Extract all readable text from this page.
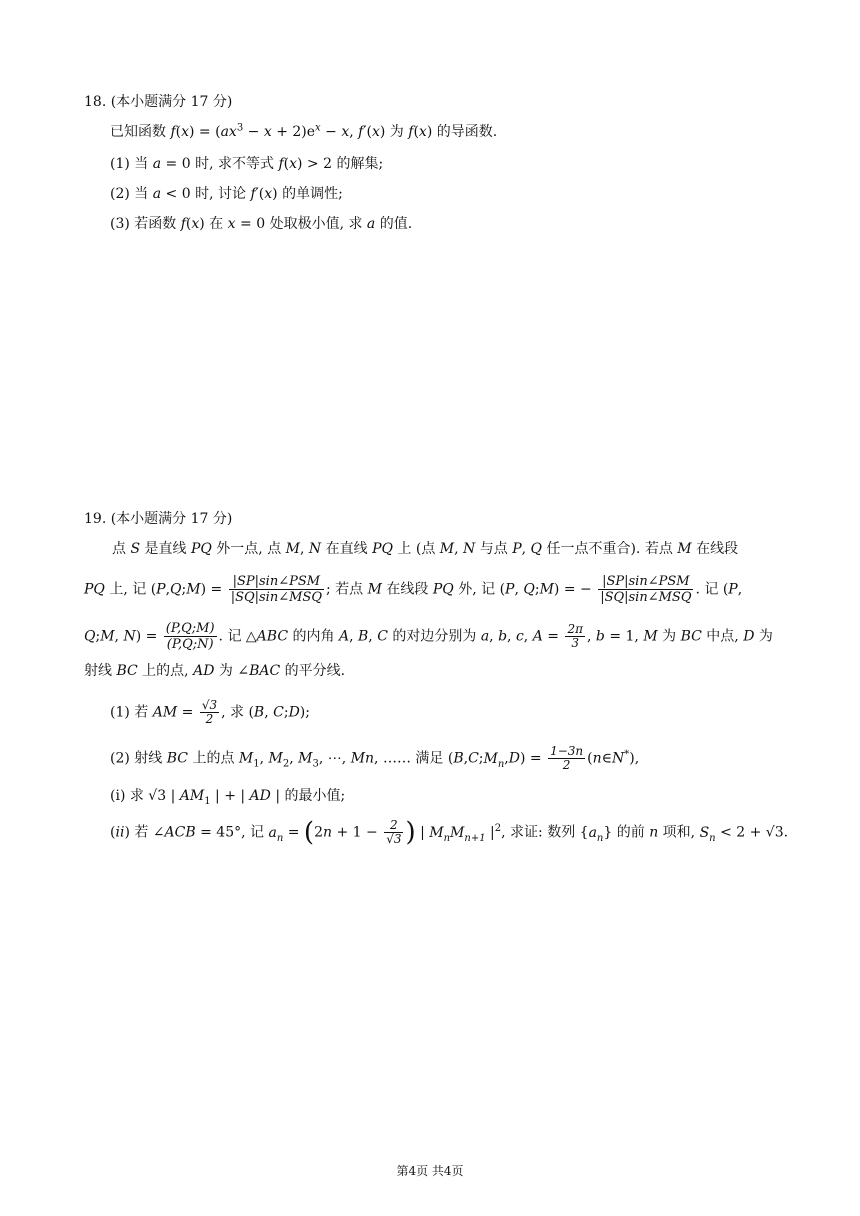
18. (本小题满分 17 分)
已知函数 $f(x) = (ax^3 - x + 2)e^x - x$, f′(x) 为 f(x) 的导函数.
(1) 当 a = 0 时, 求不等式 f(x) > 2 的解集;
(2) 当 a < 0 时, 讨论 f′(x) 的单调性;
(3) 若函数 f(x) 在 x = 0 处取极小值, 求 a 的值.
19. (本小题满分 17 分)
点 S 是直线 PQ 外一点, 点 M, N 在直线 PQ 上 (点 M, N 与点 P, Q 任一点不重合). 若点 M 在线段
PQ 上, 记 (P,Q;M) = $\frac{\text{|SP|sin∠PSM}}{\text{|SQ|sin∠MSQ}}$ ; 若点 M 在线段 PQ 外, 记 (P, Q;M) = − $\frac{\text{|SP|sin∠PSM}}{\text{|SQ|sin∠MSQ}}$ . 记 (P,
Q;M, $N) = \frac{(P,Q;M)}{(P,Q;N)}$ . 记 △ABC 的内角 A, B, C 的对边分别为 a, b, c, $A = \frac{2\pi}{3}$ , b = 1, M 为 BC 中点, D 为
射线 BC 上的点, AD 为 ∠BAC 的平分线.
(1) 若 AM = $\frac{√3}{2}$ , 求 (B, C;D);
(2) 射线 BC 上的点 $M_1$, $M_2$, $M_3$, ⋯, Mn, …… 满足 $(B,C;M_n,D) = \frac{1-3n}{2}$ (n∈N*),
(i) 求 √3 | $AM_1$ | + | AD | 的最小值;
(ii) 若 ∠ACB = 45°, 记 $a_n = (2n + 1 - \frac{2}{√3}$ ) | $M_nM_{n+1}$ $|^2$, 求证: 数列 $\{a_n\}$ 的前 n 项和, $S_n < 2 + √3$.
第4页 共4页
